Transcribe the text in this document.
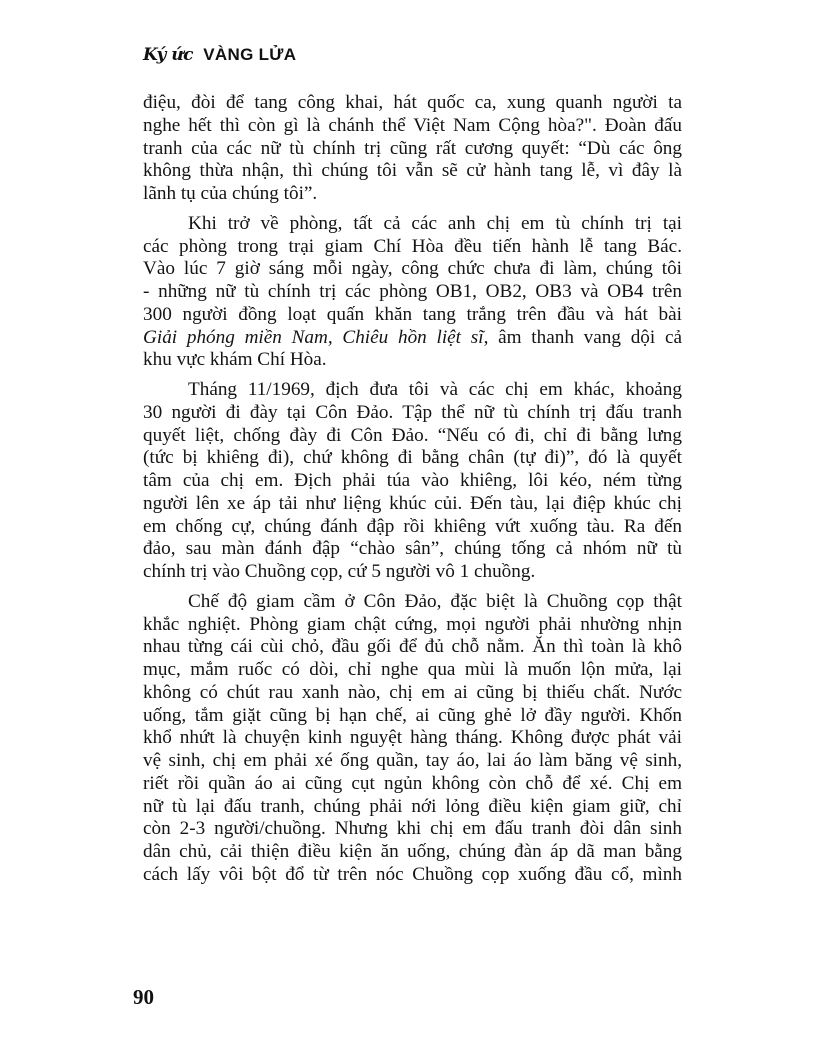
Ký ức VÀNG LỬA
điệu, đòi để tang công khai, hát quốc ca, xung quanh người ta
nghe hết thì còn gì là chánh thể Việt Nam Cộng hòa?". Đoàn đấu
tranh của các nữ tù chính trị cũng rất cương quyết: “Dù các ông
không thừa nhận, thì chúng tôi vẫn sẽ cử hành tang lễ, vì đây là
lãnh tụ của chúng tôi”.
Khi trở về phòng, tất cả các anh chị em tù chính trị tại
các phòng trong trại giam Chí Hòa đều tiến hành lễ tang Bác.
Vào lúc 7 giờ sáng mỗi ngày, công chức chưa đi làm, chúng tôi
- những nữ tù chính trị các phòng OB1, OB2, OB3 và OB4 trên
300 người đồng loạt quấn khăn tang trắng trên đầu và hát bài
Giải phóng miền Nam, Chiêu hồn liệt sĩ, âm thanh vang dội cả
khu vực khám Chí Hòa.
Tháng 11/1969, địch đưa tôi và các chị em khác, khoảng
30 người đi đày tại Côn Đảo. Tập thể nữ tù chính trị đấu tranh
quyết liệt, chống đày đi Côn Đảo. “Nếu có đi, chỉ đi bằng lưng
(tức bị khiêng đi), chứ không đi bằng chân (tự đi)”, đó là quyết
tâm của chị em. Địch phải túa vào khiêng, lôi kéo, ném từng
người lên xe áp tải như liệng khúc củi. Đến tàu, lại điệp khúc chị
em chống cự, chúng đánh đập rồi khiêng vứt xuống tàu. Ra đến
đảo, sau màn đánh đập “chào sân”, chúng tống cả nhóm nữ tù
chính trị vào Chuồng cọp, cứ 5 người vô 1 chuồng.
Chế độ giam cầm ở Côn Đảo, đặc biệt là Chuồng cọp thật
khắc nghiệt. Phòng giam chật cứng, mọi người phải nhường nhịn
nhau từng cái cùi chỏ, đầu gối để đủ chỗ nằm. Ăn thì toàn là khô
mục, mắm ruốc có dòi, chỉ nghe qua mùi là muốn lộn mửa, lại
không có chút rau xanh nào, chị em ai cũng bị thiếu chất. Nước
uống, tắm giặt cũng bị hạn chế, ai cũng ghẻ lở đầy người. Khốn
khổ nhứt là chuyện kinh nguyệt hàng tháng. Không được phát vải
vệ sinh, chị em phải xé ống quần, tay áo, lai áo làm băng vệ sinh,
riết rồi quần áo ai cũng cụt ngủn không còn chỗ để xé. Chị em
nữ tù lại đấu tranh, chúng phải nới lỏng điều kiện giam giữ, chỉ
còn 2-3 người/chuồng. Nhưng khi chị em đấu tranh đòi dân sinh
dân chủ, cải thiện điều kiện ăn uống, chúng đàn áp dã man bằng
cách lấy vôi bột đổ từ trên nóc Chuồng cọp xuống đầu cổ, mình
90
